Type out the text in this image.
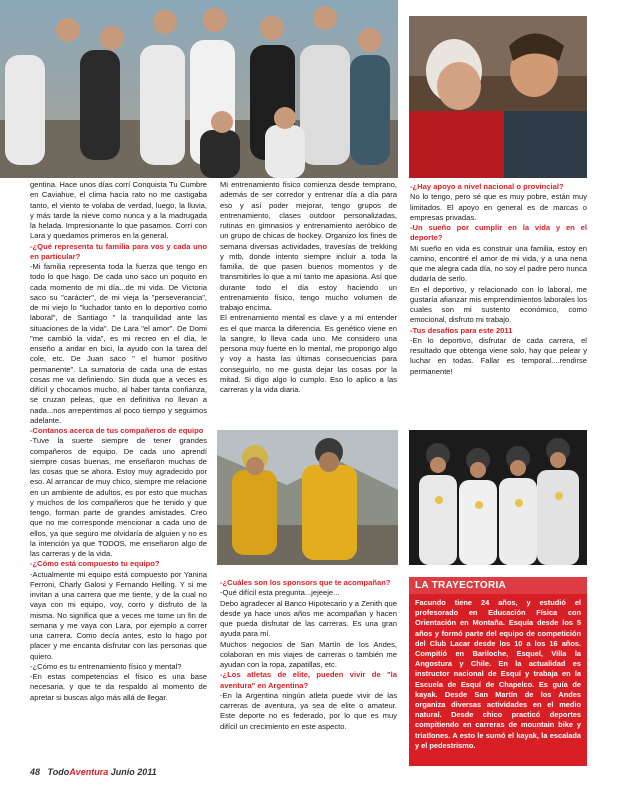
gentina. Hace unos días corrí Conquista Tu Cumbre en Caviahue, el clima hacía rato no me castigaba tanto, el viento te volaba de verdad, luego, la lluvia, y más tarde la nieve como nunca y a la madrugada la helada. Impresionante lo que pasamos. Corrí con Lara y quedamos primeros en la general.

-¿Qué representa tu familia para vos y cada uno en particular?

-Mi familia representa toda la fuerza que tengo en todo lo que hago. De cada uno saco un poquito en cada momento de mi día...de mi vida. De Victoria saco su "carácter", de mi vieja la "perseverancia", de mi viejo lo "luchador tanto en lo deportivo como laboral", de Santiago " la tranquilidad ante las situaciones de la vida". De Lara "el amor". De Domi "me cambió la vida", es mi recreo en el día, le enseño a andar en bici, la ayudo con la tarea del cole, etc. De Juan saco " el humor positivo permanente". La sumatoria de cada una de estas cosas me va definiendo. Sin duda que a veces es difícil y chocamos mucho, al haber tanta confianza, se cruzan peleas, que en definitiva no llevan a nada...nos arrepentimos al poco tiempo y seguimos adelante.

-Contanos acerca de tus compañeros de equipo

-Tuve la suerte siempre de tener grandes compañeros de equipo. De cada uno aprendí siempre cosas buenas, me enseñaron muchas de las cosas que se ahora. Estoy muy agradecido por eso. Al arrancar de muy chico, siempre me relacione en un ambiente de adultos, es por esto que muchas y muchos de los compañeros que he tenido y que tengo, forman parte de grandes amistades. Creo que no me corresponde mencionar a cada uno de ellos, ya que seguro me olvidaría de alguien y no es la intención ya que TODOS, me enseñaron algo de las carreras y de la vida.

-¿Cómo está compuesto tu equipo?

-Actualmente mi equipo está compuesto por Yanina Ferroni, Charly Galosi y Fernando Helling. Y si me invitan a una carrera que me tiente, y de la cual no vaya con mi equipo, voy, corro y disfruto de la misma. No significa que a veces me tome un fin de semana y me vaya con Lara, por ejemplo a correr una carrera. Como decía antes, esto lo hago por placer y me encanta disfrutar con las personas que quiero.

-¿Cómo es tu entrenamiento físico y mental?

-En estas competencias el físico es una base necesaria, y que te da respaldo al momento de apretar si buscas algo más allá de llegar.

Mi entrenamiento físico comienza desde temprano, además de ser corredor y entrenar día a día para eso y así poder mejorar, tengo grupos de entrenamiento, clases outdoor personalizadas, rutinas en gimnasios y entrenamiento aeróbico de un grupo de chicas de hockey. Organizo los fines de semana diversas actividades, travesías de trekking y mtb, donde intento siempre incluir a toda la familia, de que pasen buenos momentos y de transmitirles lo que a mí tanto me apasiona. Así que durante todo el día estoy haciendo un entrenamiento físico, tengo mucho volumen de trabajo encima.

El entrenamiento mental es clave y a mí entender es el que marca la diferencia. Es genético viene en la sangre, lo lleva cada uno. Me considero una persona muy fuerte en lo mental, me propongo algo y voy a hasta las últimas consecuencias para conseguirlo, no me gusta dejar las cosas por la mitad. Si digo algo lo cumplo. Eso lo aplico a las carreras y la vida diaria.

-¿Cuáles son los sponsors que te acompañan?

-Qué difícil esta pregunta...jejeeje...

Debo agradecer al Banco Hipotecario y a Zenith que desde ya hace unos años me acompañan y hacen que pueda disfrutar de las carreras. Es una gran ayuda para mí.

Muchos negocios de San Martín de los Andes, colaboran en mis viajes de carreras o también me ayudan con la ropa, zapatillas, etc.

-¿Los atletas de elite, pueden vivir de "la aventura" en Argentina?

-En la Argentina ningún atleta puede vivir de las carreras de aventura, ya sea de elite o amateur. Este deporte no es federado, por lo que es muy difícil un crecimiento en este aspecto.

-¿Hay apoyo a nivel nacional o provincial?

No lo tengo, pero sé que es muy pobre, están muy limitados. El apoyo en general es de marcas o empresas privadas.

-Un sueño por cumplir en la vida y en el deporte?

Mi sueño en vida es construir una familia, estoy en camino, encontré el amor de mi vida, y a una nena que me alegra cada día, no soy el padre pero nunca dudaría de serlo.

En el deportivo, y relacionado con lo laboral, me gustaría afianzar mis emprendimientos laborales los cuales son mi sustento económico, como emocional, disfruto mi trabajo.

-Tus desafíos para este 2011

-En lo deportivo, disfrutar de cada carrera, el resultado que obtenga viene solo, hay que pelear y luchar en todas. Fallar es temporal....rendirse permanente!

LA TRAYECTORIA
Facundo tiene 24 años, y estudió el profesorado en Educación Física con Orientación en Montaña. Esquía desde los 5 años y formó parte del equipo de competición del Club Lacar desde los 10 a los 16 años. Compitió en Bariloche, Esquel, Villa la Angostura y Chile. En la actualidad es instructor nacional de Esquí y trabaja en la Escuela de Esquí de Chapelco. Es guía de kayak. Desde San Martín de los Andes organiza diversas actividades en el medio natural. Desde chico practicó deportes compitiendo en carreras de mountain bike y triatlones. A esto le sumó el kayak, la escalada y el pedestrismo.
48 TodoAventura Junio 2011
